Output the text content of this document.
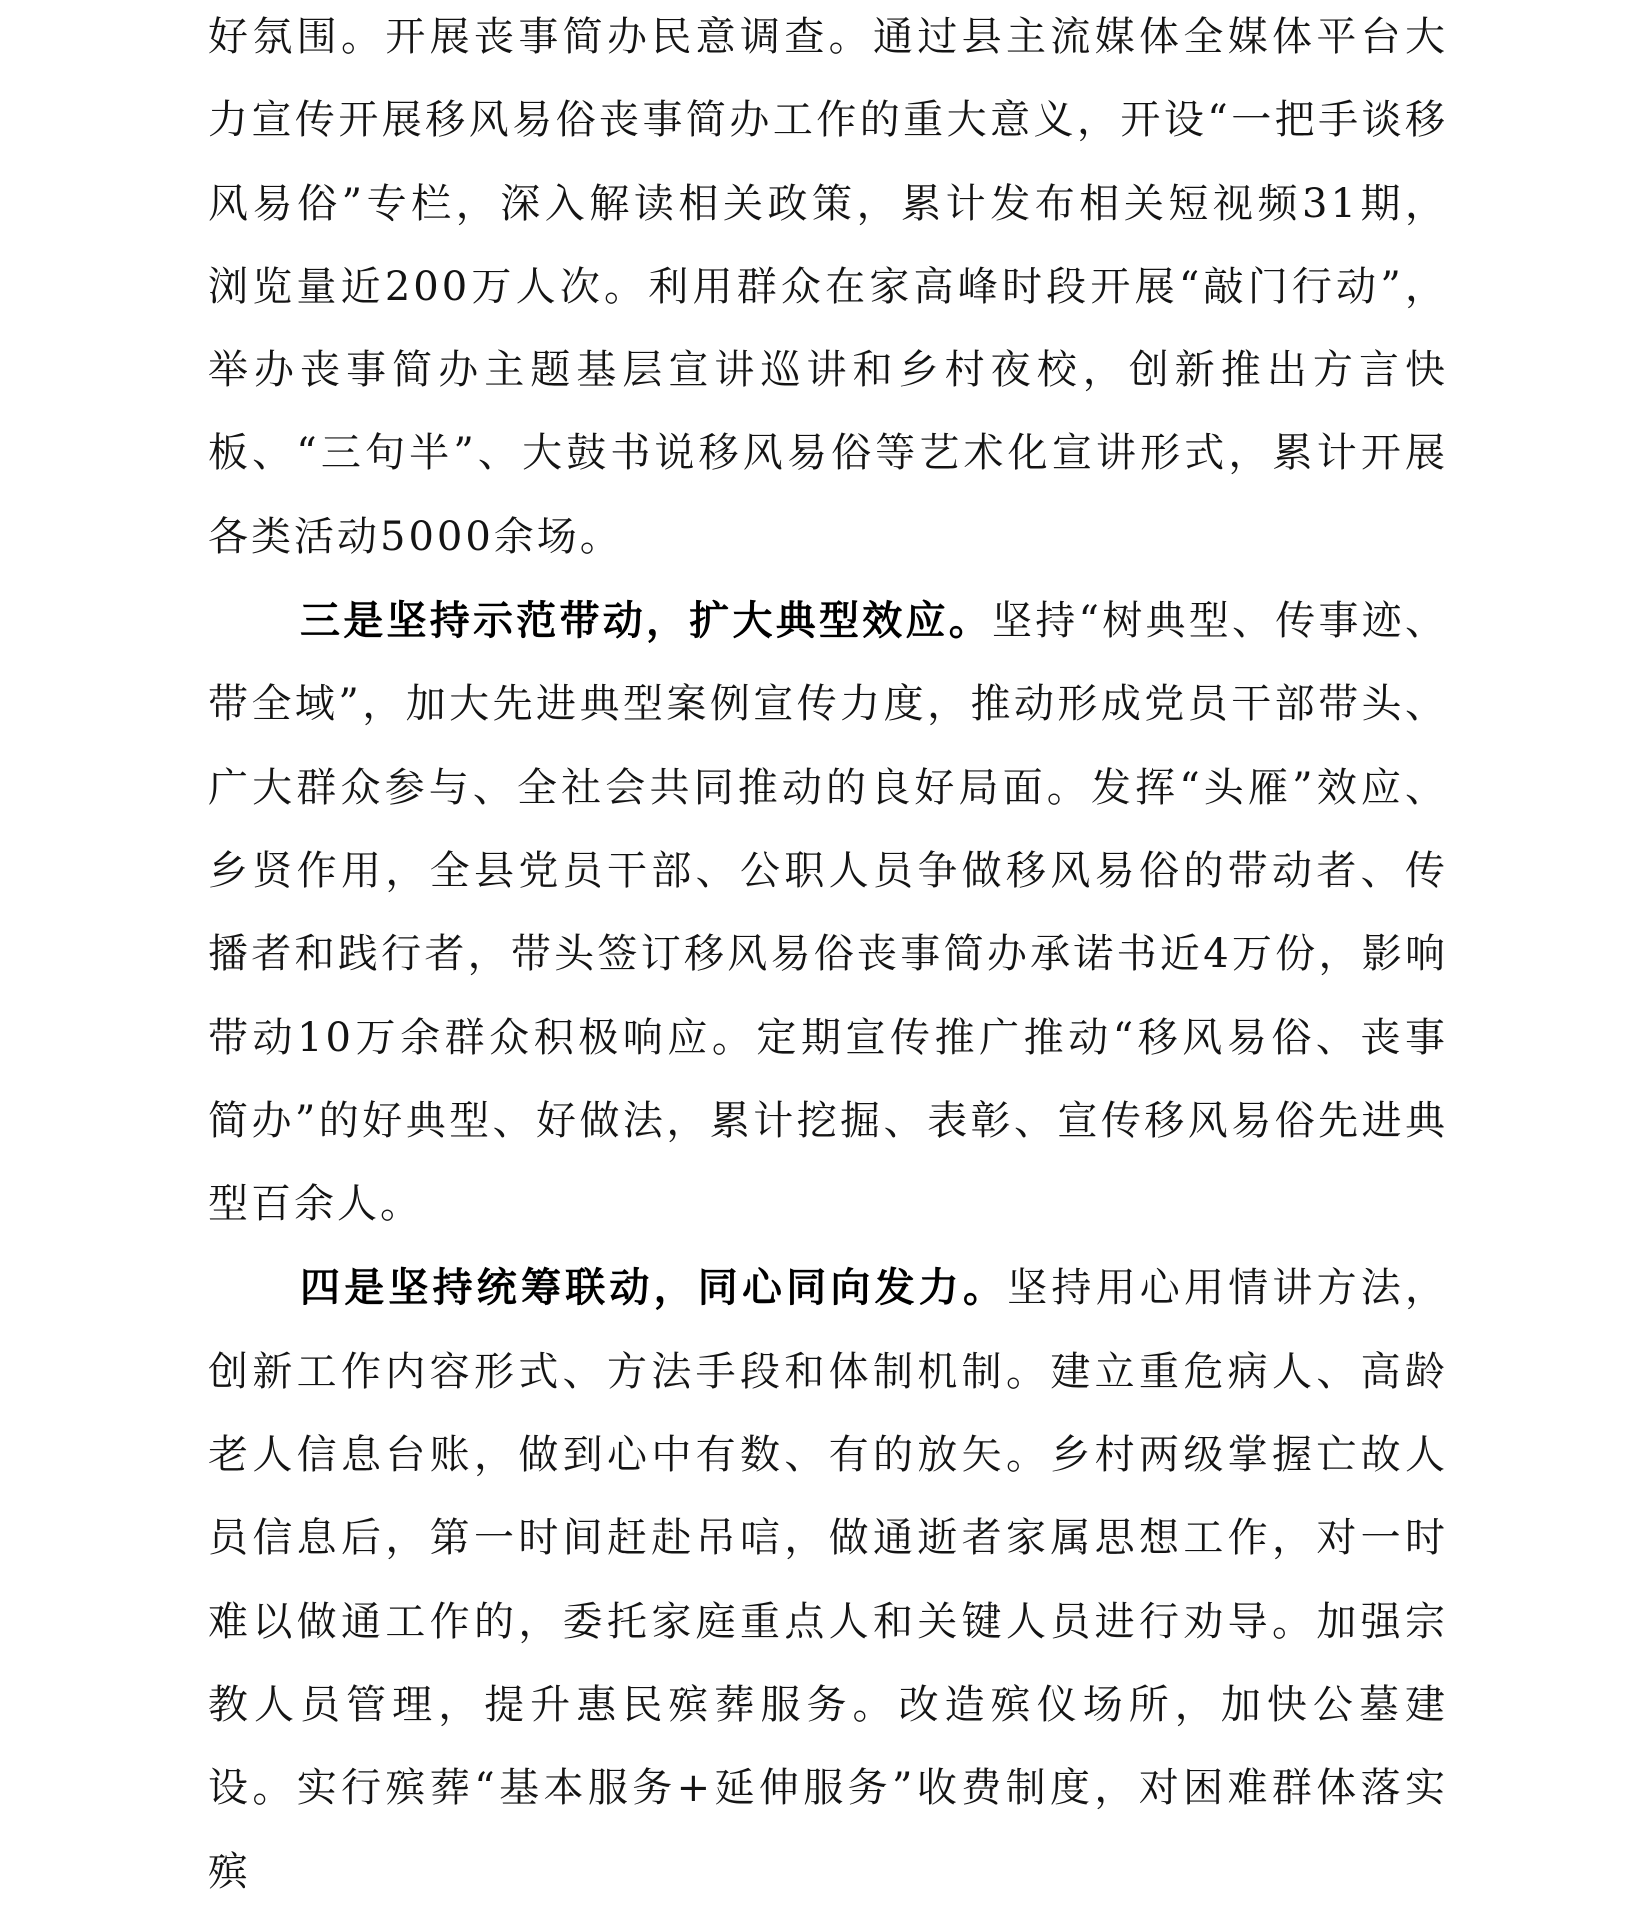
好氛围。开展丧事简办民意调查。通过县主流媒体全媒体平台大力宣传开展移风易俗丧事简办工作的重大意义，开设“一把手谈移风易俗”专栏，深入解读相关政策，累计发布相关短视频31期，浏览量近200万人次。利用群众在家高峰时段开展“敲门行动”，举办丧事简办主题基层宣讲巡讲和乡村夜校，创新推出方言快板、“三句半”、大鼓书说移风易俗等艺术化宣讲形式，累计开展各类活动5000余场。

三是坚持示范带动，扩大典型效应。坚持“树典型、传事迹、带全域”，加大先进典型案例宣传力度，推动形成党员干部带头、广大群众参与、全社会共同推动的良好局面。发挥“头雁”效应、乡贤作用，全县党员干部、公职人员争做移风易俗的带动者、传播者和践行者，带头签订移风易俗丧事简办承诺书近4万份，影响带动10万余群众积极响应。定期宣传推广推动“移风易俗、丧事简办”的好典型、好做法，累计挖掘、表彰、宣传移风易俗先进典型百余人。

四是坚持统筹联动，同心同向发力。坚持用心用情讲方法，创新工作内容形式、方法手段和体制机制。建立重危病人、高龄老人信息台账，做到心中有数、有的放矢。乡村两级掌握亡故人员信息后，第一时间赶赴吊唁，做通逝者家属思想工作，对一时难以做通工作的，委托家庭重点人和关键人员进行劝导。加强宗教人员管理，提升惠民殡葬服务。改造殡仪场所，加快公墓建设。实行殡葬“基本服务+延伸服务”收费制度，对困难群体落实殡
